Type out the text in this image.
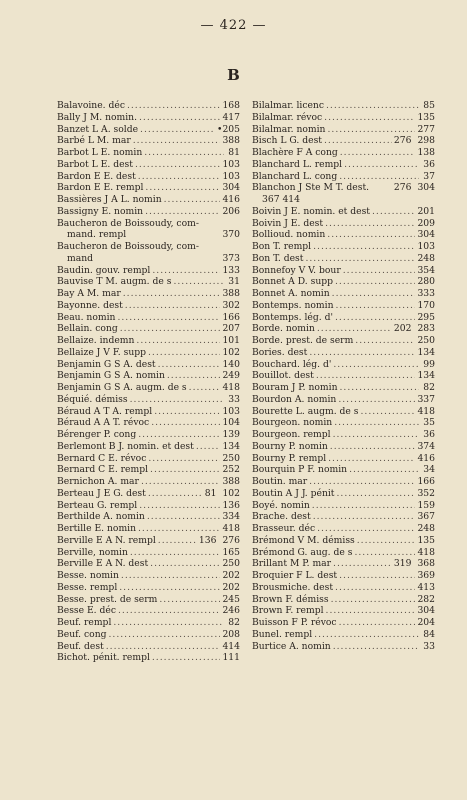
— 422 —
B
Balavoine. déc .....	168
Bally J M. nomin. .....	417
Banzet L A. solde .....	•205
Barbé L M. mar .....	388
Barbot L E. nomin .....	81
Barbot L E. dest .....	103
Bardon E E. dest .....	103
Bardon E E. rempl .....	304
Bassières J A L. nomin .....	416
Bassigny E. nomin .....	206
Baucheron de Boissoudy, com-
mand. rempl	370
Baucheron de Boissoudy, com-
mand	373
Baudin. gouv. rempl .....	133
Bauvise T M. augm. de s .....	31
Bay A M. mar .....	388
Bayonne. dest .....	302
Beau. nomin .....	166
Bellain. cong .....	207
Bellaize. indemn .....	101
Bellaize J V F. supp .....	102
Benjamin G S A. dest .....	140
Benjamin G S A. nomin .....	249
Benjamin G S A. augm. de s .....	418
Béquié. démiss .....	33
Béraud A T A. rempl .....	103
Béraud A A T. révoc .....	104
Bérenger P. cong .....	139
Berlemont B J. nomin. et dest .....	134
Bernard C E. révoc .....	250
Bernard C E. rempl .....	252
Bernichon A. mar .....	388
Berteau J E G. dest .....	81 102
Berteau G. rempl .....	136
Berthilde A. nomin .....	334
Bertille E. nomin .....	418
Berville E A N. rempl .....	136 276
Berville, nomin .....	165
Berville E A N. dest .....	250
Besse. nomin .....	202
Besse. rempl .....	202
Besse. prest. de serm .....	245
Besse E. déc .....	246
Beuf. rempl .....	82
Beuf. cong .....	208
Beuf. dest .....	414
Bichot. pénit. rempl .....	111
Bilalmar. licenc .....	85
Bilalmar. révoc .....	135
Bilalmar. nomin .....	277
Bisch L G. dest .....	276 298
Blachère F A cong .....	138
Blanchard L. rempl .....	36
Blanchard L. cong .....	37
Blanchon J Ste M T. dest.	276 304
367 414
Boivin J E. nomin. et dest .....	201
Boivin J E. dest .....	209
Bollioud. nomin .....	304
Bon T. rempl .....	103
Bon T. dest .....	248
Bonnefoy V V. bour .....	354
Bonnet A D. supp .....	280
Bonnet A. nomin .....	333
Bontemps. nomin .....	170
Bontemps. lég. d' .....	295
Borde. nomin .....	202 283
Borde. prest. de serm .....	250
Bories. dest .....	134
Bouchard. lég. d' .....	99
Bouillot. dest .....	134
Bouram J P. nomin .....	82
Bourdon A. nomin .....	337
Bourette L. augm. de s .....	418
Bourgeon. nomin .....	35
Bourgeon. rempl .....	36
Bourny P. nomin .....	374
Bourny P. rempl .....	416
Bourquin P F. nomin .....	34
Boutin. mar .....	166
Boutin A J J. pénit .....	352
Boyé. nomin .....	159
Brache. dest .....	367
Brasseur. déc .....	248
Brémond V M. démiss .....	135
Brémond G. aug. de s .....	418
Brillant M P. mar .....	319 368
Broquier F L. dest .....	369
Brousmiche. dest .....	413
Brown F. démiss .....	282
Brown F. rempl .....	304
Buisson F P. révoc .....	204
Bunel. rempl .....	84
Burtice A. nomin .....	33
